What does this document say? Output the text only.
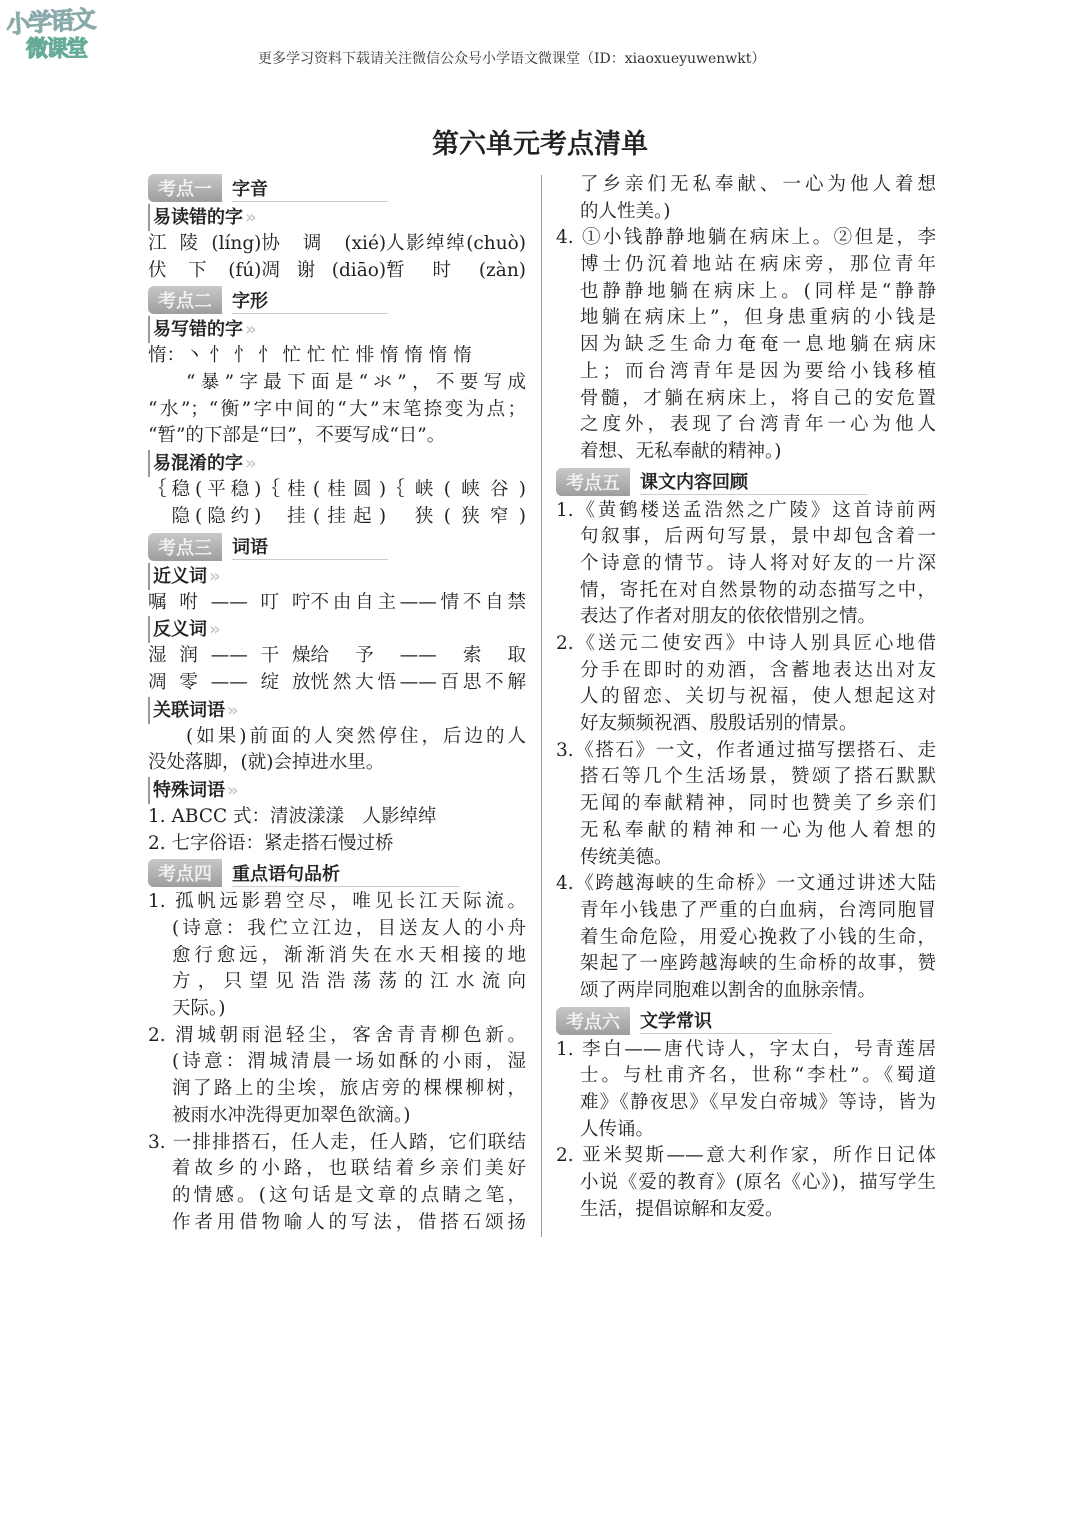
小学语文
微课堂	更多学习资料下载请关注微信公众号小学语文微课堂（ID：xiaoxueyuwenwkt）
第六单元考点清单
考点一	字音
易读错的字 »
江陵(líng) 协调(xié) 人影绰绰(chuò)
伏下(fú) 凋谢(diāo) 暂时(zàn)
考点二	字形
易写错的字 »
惰：丶 忄 忄 忄 忙 忙 忙 悱 惰 惰 惰 惰
“暴”字最下面是“氺”，不要写成
“水”；“衡”字中间的“大”末笔捺变为点；
“暂”的下部是“曰”，不要写成“日”。
易混淆的字 »
｛稳(平稳) ｛桂(桂圆) ｛峡(峡谷)
　隐(隐约) 　挂(挂起) 　狭(狭窄)
考点三	词语
近义词 »
嘱咐——叮咛 不由自主——情不自禁
反义词 »
湿润——干燥 给予——索取
凋零——绽放 恍然大悟——百思不解
关联词语 »
(如果)前面的人突然停住，后边的人
没处落脚，(就)会掉进水里。
特殊词语 »
1. ABCC 式：清波漾漾　人影绰绰
2. 七字俗语：紧走搭石慢过桥
考点四	重点语句品析
1. 孤帆远影碧空尽，唯见长江天际流。
(诗意：我伫立江边，目送友人的小舟
愈行愈远，渐渐消失在水天相接的地
方，只望见浩浩荡荡的江水流向
天际。)
2. 渭城朝雨浥轻尘，客舍青青柳色新。
(诗意：渭城清晨一场如酥的小雨，湿
润了路上的尘埃，旅店旁的棵棵柳树，
被雨水冲洗得更加翠色欲滴。)
3. 一排排搭石，任人走，任人踏，它们联结
着故乡的小路，也联结着乡亲们美好
的情感。(这句话是文章的点睛之笔，
作者用借物喻人的写法，借搭石颂扬
了乡亲们无私奉献、一心为他人着想
的人性美。)
4. ①小钱静静地躺在病床上。②但是，李
博士仍沉着地站在病床旁，那位青年
也静静地躺在病床上。(同样是“静静
地躺在病床上”，但身患重病的小钱是
因为缺乏生命力奄奄一息地躺在病床
上；而台湾青年是因为要给小钱移植
骨髓，才躺在病床上，将自己的安危置
之度外，表现了台湾青年一心为他人
着想、无私奉献的精神。)
考点五	课文内容回顾
1.《黄鹤楼送孟浩然之广陵》这首诗前两
句叙事，后两句写景，景中却包含着一
个诗意的情节。诗人将对好友的一片深
情，寄托在对自然景物的动态描写之中，
表达了作者对朋友的依依惜别之情。
2.《送元二使安西》中诗人别具匠心地借
分手在即时的劝酒，含蓄地表达出对友
人的留恋、关切与祝福，使人想起这对
好友频频祝酒、殷殷话别的情景。
3.《搭石》一文，作者通过描写摆搭石、走
搭石等几个生活场景，赞颂了搭石默默
无闻的奉献精神，同时也赞美了乡亲们
无私奉献的精神和一心为他人着想的
传统美德。
4.《跨越海峡的生命桥》一文通过讲述大陆
青年小钱患了严重的白血病，台湾同胞冒
着生命危险，用爱心挽救了小钱的生命，
架起了一座跨越海峡的生命桥的故事，赞
颂了两岸同胞难以割舍的血脉亲情。
考点六	文学常识
1. 李白——唐代诗人，字太白，号青莲居
士。与杜甫齐名，世称“李杜”。《蜀道
难》《静夜思》《早发白帝城》等诗，皆为
人传诵。
2. 亚米契斯——意大利作家，所作日记体
小说《爱的教育》(原名《心》)，描写学生
生活，提倡谅解和友爱。
